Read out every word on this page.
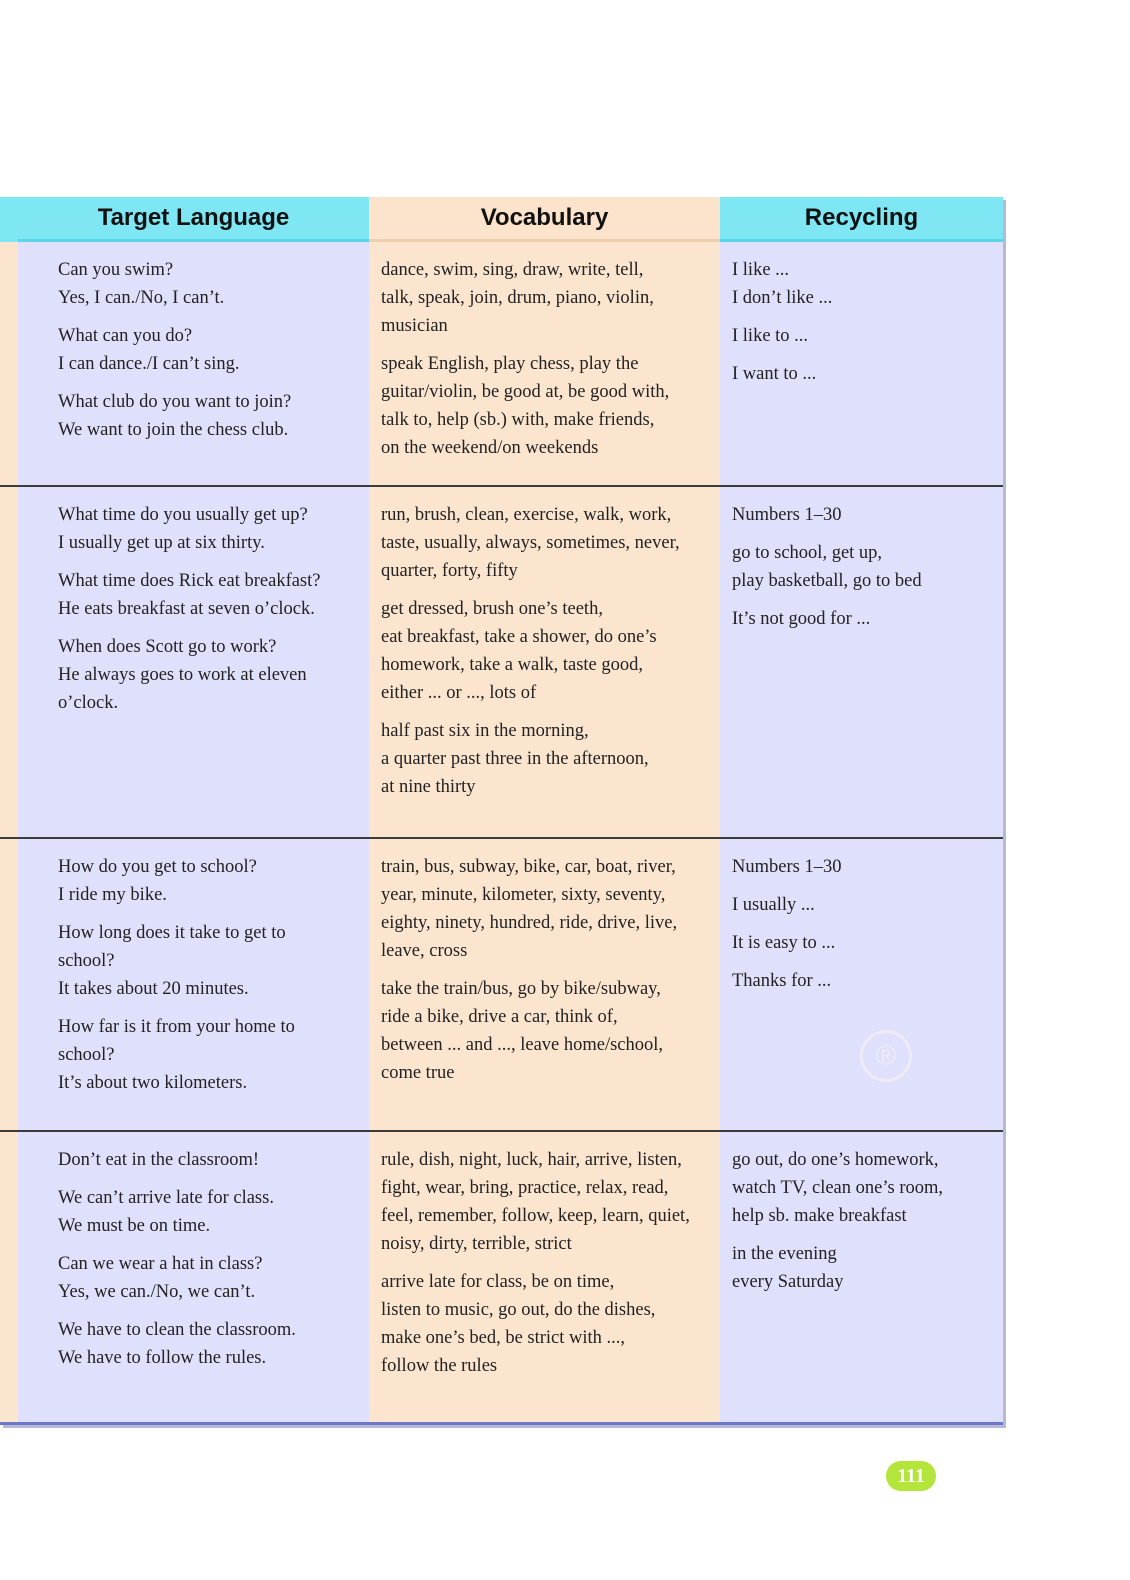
Target Language	Vocabulary	Recycling
Can you swim?
Yes, I can./No, I can’t.
What can you do?
I can dance./I can’t sing.
What club do you want to join?
We want to join the chess club.
dance, swim, sing, draw, write, tell,
talk, speak, join, drum, piano, violin,
musician
speak English, play chess, play the
guitar/violin, be good at, be good with,
talk to, help (sb.) with, make friends,
on the weekend/on weekends
I like ...
I don’t like ...
I like to ...
I want to ...
What time do you usually get up?
I usually get up at six thirty.
What time does Rick eat breakfast?
He eats breakfast at seven o’clock.
When does Scott go to work?
He always goes to work at eleven
o’clock.
run, brush, clean, exercise, walk, work,
taste, usually, always, sometimes, never,
quarter, forty, fifty
get dressed, brush one’s teeth,
eat breakfast, take a shower, do one’s
homework, take a walk, taste good,
either ... or ..., lots of
half past six in the morning,
a quarter past three in the afternoon,
at nine thirty
Numbers 1–30
go to school, get up,
play basketball, go to bed
It’s not good for ...
How do you get to school?
I ride my bike.
How long does it take to get to
school?
It takes about 20 minutes.
How far is it from your home to
school?
It’s about two kilometers.
train, bus, subway, bike, car, boat, river,
year, minute, kilometer, sixty, seventy,
eighty, ninety, hundred, ride, drive, live,
leave, cross
take the train/bus, go by bike/subway,
ride a bike, drive a car, think of,
between ... and ..., leave home/school,
come true
Numbers 1–30
I usually ...
It is easy to ...
Thanks for ...
Don’t eat in the classroom!
We can’t arrive late for class.
We must be on time.
Can we wear a hat in class?
Yes, we can./No, we can’t.
We have to clean the classroom.
We have to follow the rules.
rule, dish, night, luck, hair, arrive, listen,
fight, wear, bring, practice, relax, read,
feel, remember, follow, keep, learn, quiet,
noisy, dirty, terrible, strict
arrive late for class, be on time,
listen to music, go out, do the dishes,
make one’s bed, be strict with ...,
follow the rules
go out, do one’s homework,
watch TV, clean one’s room,
help sb. make breakfast
in the evening
every Saturday
®
111
